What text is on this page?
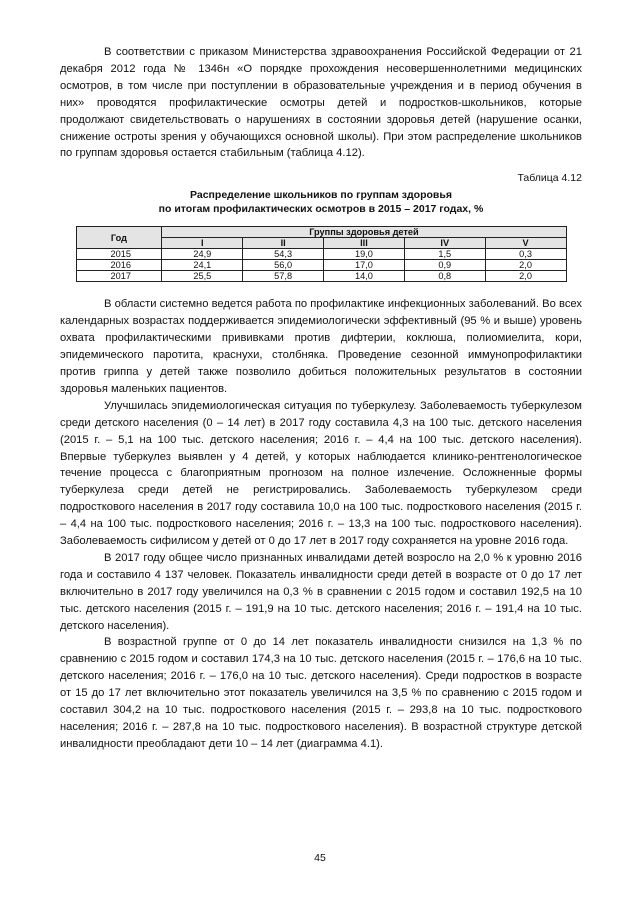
В соответствии с приказом Министерства здравоохранения Российской Федерации от 21 декабря 2012 года № 1346н «О порядке прохождения несовершеннолетними медицинских осмотров, в том числе при поступлении в образовательные учреждения и в период обучения в них» проводятся профилактические осмотры детей и подростков-школьников, которые продолжают свидетельствовать о нарушениях в состоянии здоровья детей (нарушение осанки, снижение остроты зрения у обучающихся основной школы). При этом распределение школьников по группам здоровья остается стабильным (таблица 4.12).

Таблица 4.12
Распределение школьников по группам здоровья
по итогам профилактических осмотров в 2015 – 2017 годах, %
Год	Группы здоровья детей				
	I	II	III	IV	V
2015	24,9	54,3	19,0	1,5	0,3
2016	24,1	56,0	17,0	0,9	2,0
2017	25,5	57,8	14,0	0,8	2,0

В области системно ведется работа по профилактике инфекционных заболеваний. Во всех календарных возрастах поддерживается эпидемиологически эффективный (95 % и выше) уровень охвата профилактическими прививками против дифтерии, коклюша, полиомиелита, кори, эпидемического паротита, краснухи, столбняка. Проведение сезонной иммунопрофилактики против гриппа у детей также позволило добиться положительных результатов в состоянии здоровья маленьких пациентов.

Улучшилась эпидемиологическая ситуация по туберкулезу. Заболеваемость туберкулезом среди детского населения (0 – 14 лет) в 2017 году составила 4,3 на 100 тыс. детского населения (2015 г. – 5,1 на 100 тыс. детского населения; 2016 г. – 4,4 на 100 тыс. детского населения). Впервые туберкулез выявлен у 4 детей, у которых наблюдается клинико-рентгенологическое течение процесса с благоприятным прогнозом на полное излечение. Осложненные формы туберкулеза среди детей не регистрировались. Заболеваемость туберкулезом среди подросткового населения в 2017 году составила 10,0 на 100 тыс. подросткового населения (2015 г. – 4,4 на 100 тыс. подросткового населения; 2016 г. – 13,3 на 100 тыс. подросткового населения). Заболеваемость сифилисом у детей от 0 до 17 лет в 2017 году сохраняется на уровне 2016 года.

В 2017 году общее число признанных инвалидами детей возросло на 2,0 % к уровню 2016 года и составило 4 137 человек. Показатель инвалидности среди детей в возрасте от 0 до 17 лет включительно в 2017 году увеличился на 0,3 % в сравнении с 2015 годом и составил 192,5 на 10 тыс. детского населения (2015 г. – 191,9 на 10 тыс. детского населения; 2016 г. – 191,4 на 10 тыс. детского населения).

В возрастной группе от 0 до 14 лет показатель инвалидности снизился на 1,3 % по сравнению с 2015 годом и составил 174,3 на 10 тыс. детского населения (2015 г. – 176,6 на 10 тыс. детского населения; 2016 г. – 176,0 на 10 тыс. детского населения). Среди подростков в возрасте от 15 до 17 лет включительно этот показатель увеличился на 3,5 % по сравнению с 2015 годом и составил 304,2 на 10 тыс. подросткового населения (2015 г. – 293,8 на 10 тыс. подросткового населения; 2016 г. – 287,8 на 10 тыс. подросткового населения). В возрастной структуре детской инвалидности преобладают дети 10 – 14 лет (диаграмма 4.1).

45
